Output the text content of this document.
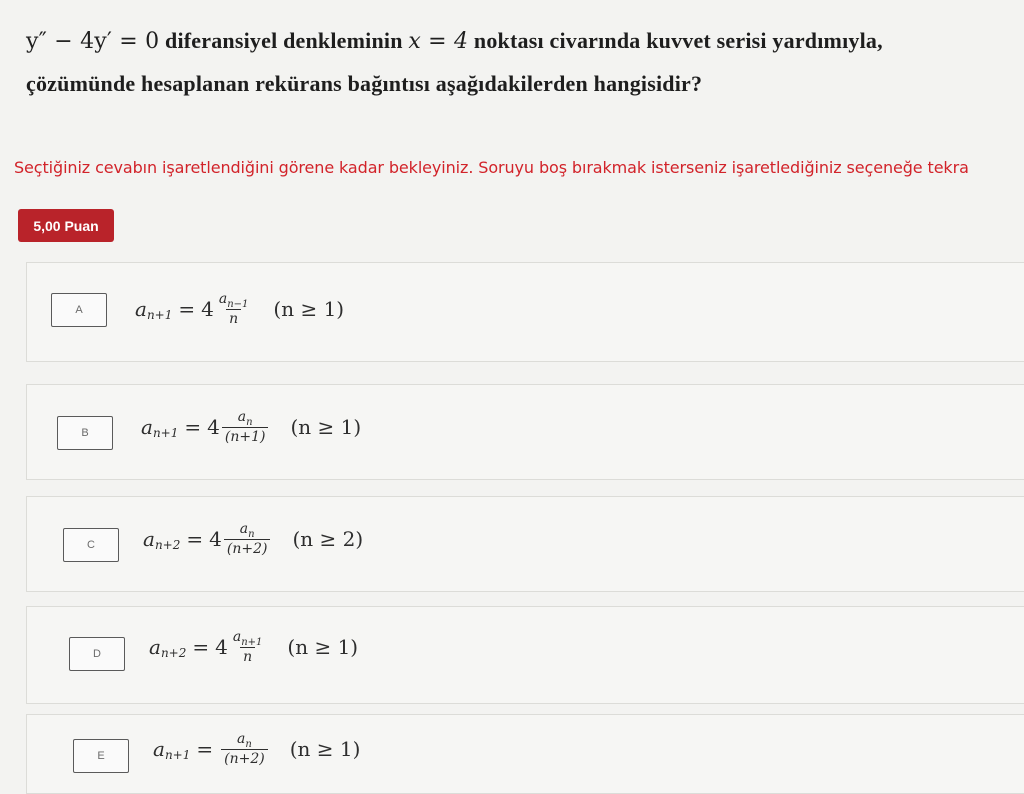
y″ − 4y′ = 0 diferansiyel denkleminin x = 4 noktası civarında kuvvet serisi yardımıyla,
çözümünde hesaplanan rekürans bağıntısı aşağıdakilerden hangisidir?
Seçtiğiniz cevabın işaretlendiğini görene kadar bekleyiniz. Soruyu boş bırakmak isterseniz işaretlediğiniz seçeneğe tekra
5,00 Puan
A	a $n+1 = 4 \frac{a_{n-1}}{n} (n \ge 1)$
B	a $n+1 = 4 \frac{a_n}{(n+1)} (n \ge 1)$
C	a $n+2 = 4 \frac{a_n}{(n+2)} (n \ge 2)$
D	a $n+2 = 4 \frac{a_{n+1}}{n} (n \ge 1)$
E	a $n+1 = \frac{a_n}{(n+2)} (n \ge 1)$
